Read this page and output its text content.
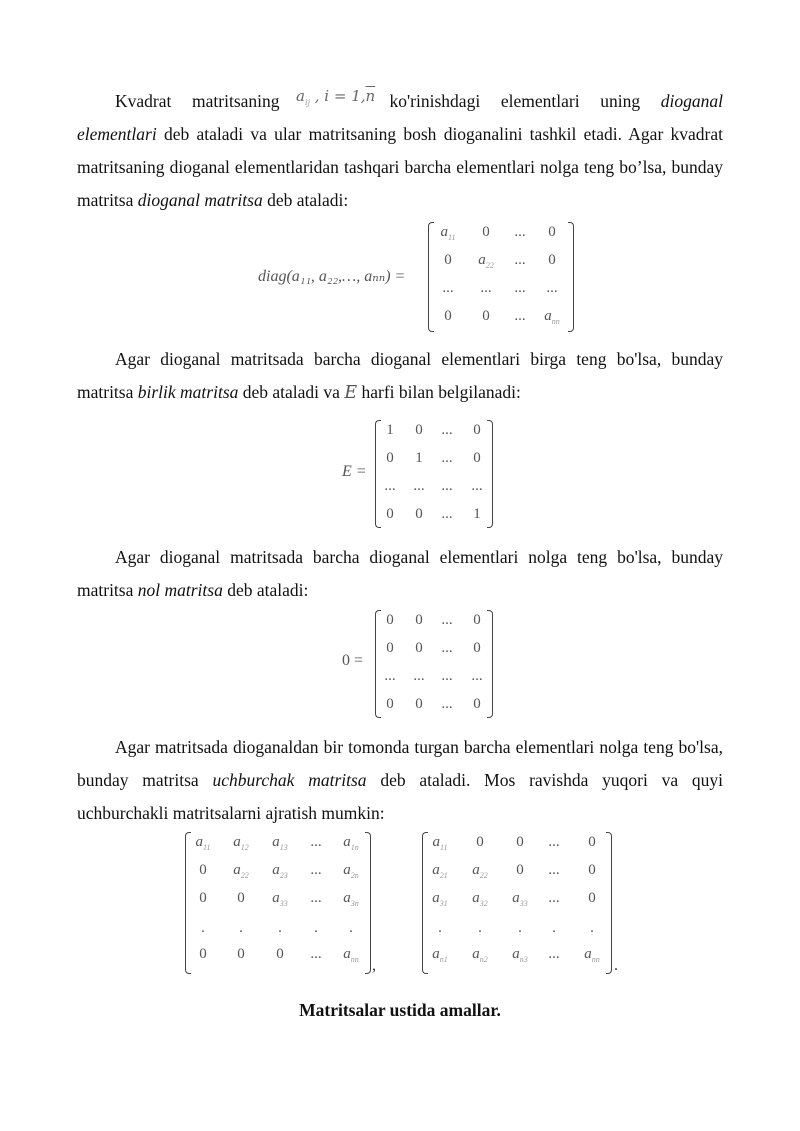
Kvadrat matritsaning	ko'rinishdagi elementlari uning dioganal elementlari deb ataladi va ular matritsaning bosh dioganalini tashkil etadi. Agar kvadrat matritsaning dioganal elementlaridan tashqari barcha elementlari nolga teng bo’lsa, bunday matritsa dioganal matritsa deb ataladi:
$a_{ij}$ , $i = 1,\overline{n}$
diag(a₁₁, a₂₂,…, aₙₙ) =
$a_{11}$	0	...	0
0	$a_{22}$	...	0
...	...	...	...
0	0	...	$a_{nn}$
Agar dioganal matritsada barcha dioganal elementlari birga teng bo'lsa, bunday matritsa birlik matritsa deb ataladi va E harfi bilan belgilanadi:
E =
1	0	...	0
0	1	...	0
...	...	...	...
0	0	...	1
Agar dioganal matritsada barcha dioganal elementlari nolga teng bo'lsa, bunday matritsa nol matritsa deb ataladi:
0 =
0	0	...	0
0	0	...	0
...	...	...	...
0	0	...	0
Agar matritsada dioganaldan bir tomonda turgan barcha elementlari nolga teng bo'lsa, bunday matritsa uchburchak matritsa deb ataladi. Mos ravishda yuqori va quyi uchburchakli matritsalarni ajratish mumkin:
$a_{11}$	$a_{12}$	$a_{13}$	...	$a_{1n}$
0	$a_{22}$	$a_{23}$	...	$a_{2n}$
0	0	$a_{33}$	...	$a_{3n}$
.	.	.	.	.
0	0	0	...	$a_{nn}$ ,
$a_{11}$	0	0	...	0
$a_{21}$	$a_{22}$	0	...	0
$a_{31}$	$a_{32}$	$a_{33}$	...	0
.	.	.	.	.
$a_{n1}$	$a_{n2}$	$a_{n3}$	...	$a_{nn}$ .
Matritsalar ustida amallar.
